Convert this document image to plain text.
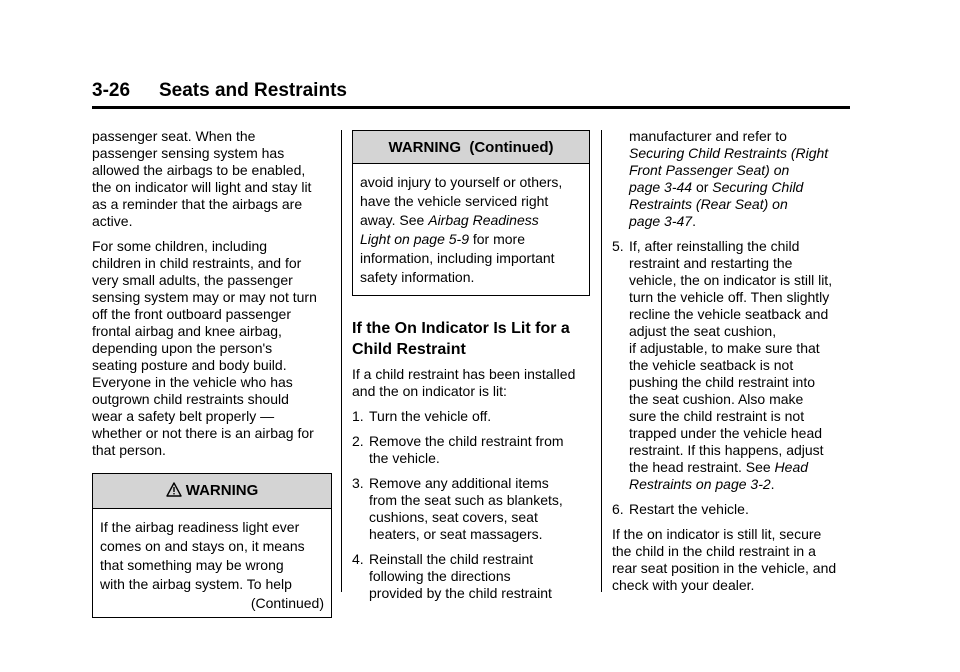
3-26 Seats and Restraints

passenger seat. When the
passenger sensing system has
allowed the airbags to be enabled,
the on indicator will light and stay lit
as a reminder that the airbags are
active.

For some children, including
children in child restraints, and for
very small adults, the passenger
sensing system may or may not turn
off the front outboard passenger
frontal airbag and knee airbag,
depending upon the person's
seating posture and body build.
Everyone in the vehicle who has
outgrown child restraints should
wear a safety belt properly —
whether or not there is an airbag for
that person.

WARNING
If the airbag readiness light ever
comes on and stays on, it means
that something may be wrong
with the airbag system. To help
(Continued)
WARNING  (Continued)
avoid injury to yourself or others,
have the vehicle serviced right
away. See Airbag Readiness
Light on page 5-9 for more
information, including important
safety information.
If the On Indicator Is Lit for a
Child Restraint

If a child restraint has been installed
and the on indicator is lit:

1. Turn the vehicle off.
2. Remove the child restraint from
the vehicle.
3. Remove any additional items
from the seat such as blankets,
cushions, seat covers, seat
heaters, or seat massagers.
4. Reinstall the child restraint
following the directions
provided by the child restraint
manufacturer and refer to
Securing Child Restraints (Right
Front Passenger Seat) on
page 3-44 or Securing Child
Restraints (Rear Seat) on
page 3-47.
5. If, after reinstalling the child
restraint and restarting the
vehicle, the on indicator is still lit,
turn the vehicle off. Then slightly
recline the vehicle seatback and
adjust the seat cushion,
if adjustable, to make sure that
the vehicle seatback is not
pushing the child restraint into
the seat cushion. Also make
sure the child restraint is not
trapped under the vehicle head
restraint. If this happens, adjust
the head restraint. See Head
Restraints on page 3-2.
6. Restart the vehicle.

If the on indicator is still lit, secure
the child in the child restraint in a
rear seat position in the vehicle, and
check with your dealer.
